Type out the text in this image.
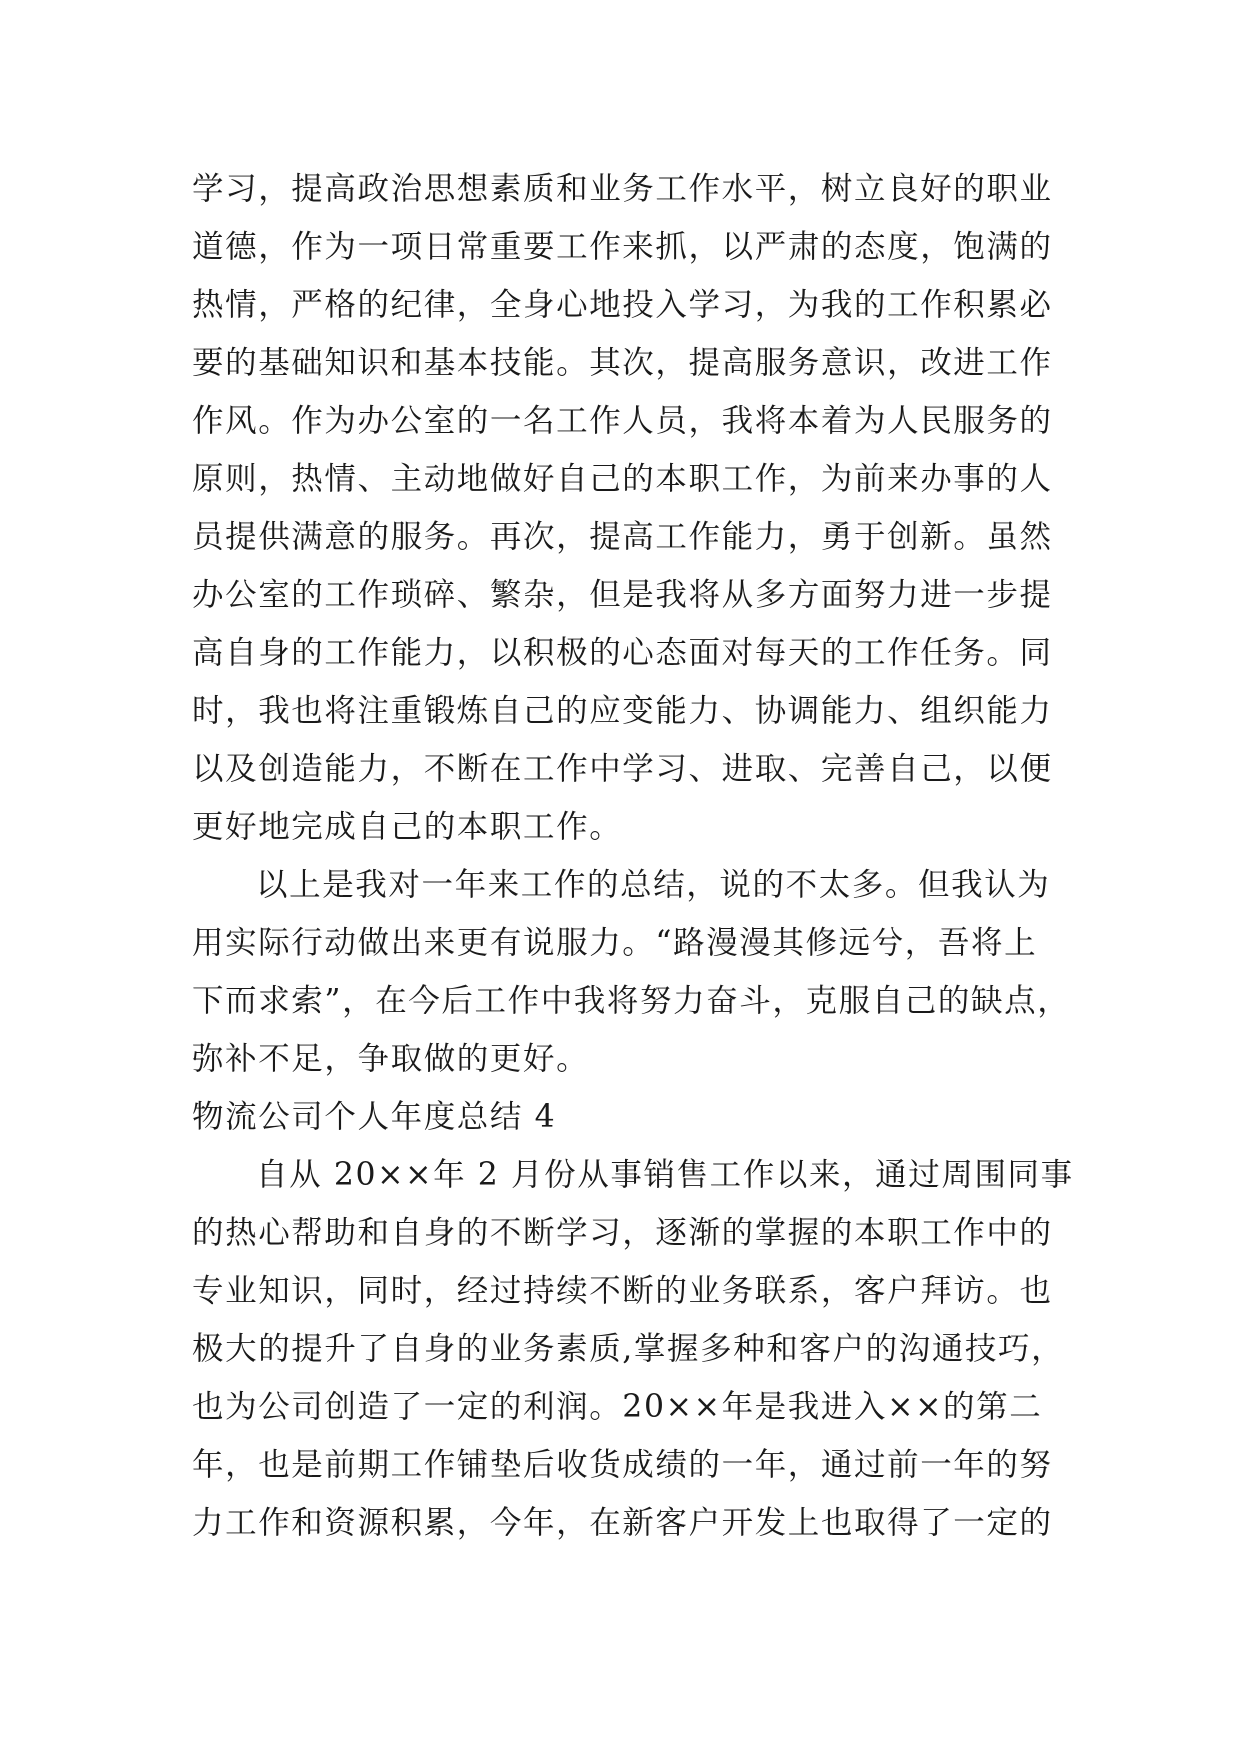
学习，提高政治思想素质和业务工作水平，树立良好的职业
道德，作为一项日常重要工作来抓，以严肃的态度，饱满的
热情，严格的纪律，全身心地投入学习，为我的工作积累必
要的基础知识和基本技能。其次，提高服务意识，改进工作
作风。作为办公室的一名工作人员，我将本着为人民服务的
原则，热情、主动地做好自己的本职工作，为前来办事的人
员提供满意的服务。再次，提高工作能力，勇于创新。虽然
办公室的工作琐碎、繁杂，但是我将从多方面努力进一步提
高自身的工作能力，以积极的心态面对每天的工作任务。同
时，我也将注重锻炼自己的应变能力、协调能力、组织能力
以及创造能力，不断在工作中学习、进取、完善自己，以便
更好地完成自己的本职工作。
以上是我对一年来工作的总结，说的不太多。但我认为
用实际行动做出来更有说服力。“路漫漫其修远兮，吾将上
下而求索”，在今后工作中我将努力奋斗，克服自己的缺点，
弥补不足，争取做的更好。
物流公司个人年度总结 4
自从 20××年 2 月份从事销售工作以来，通过周围同事
的热心帮助和自身的不断学习，逐渐的掌握的本职工作中的
专业知识，同时，经过持续不断的业务联系，客户拜访。也
极大的提升了自身的业务素质,掌握多种和客户的沟通技巧，
也为公司创造了一定的利润。20××年是我进入××的第二
年，也是前期工作铺垫后收货成绩的一年，通过前一年的努
力工作和资源积累，今年，在新客户开发上也取得了一定的
